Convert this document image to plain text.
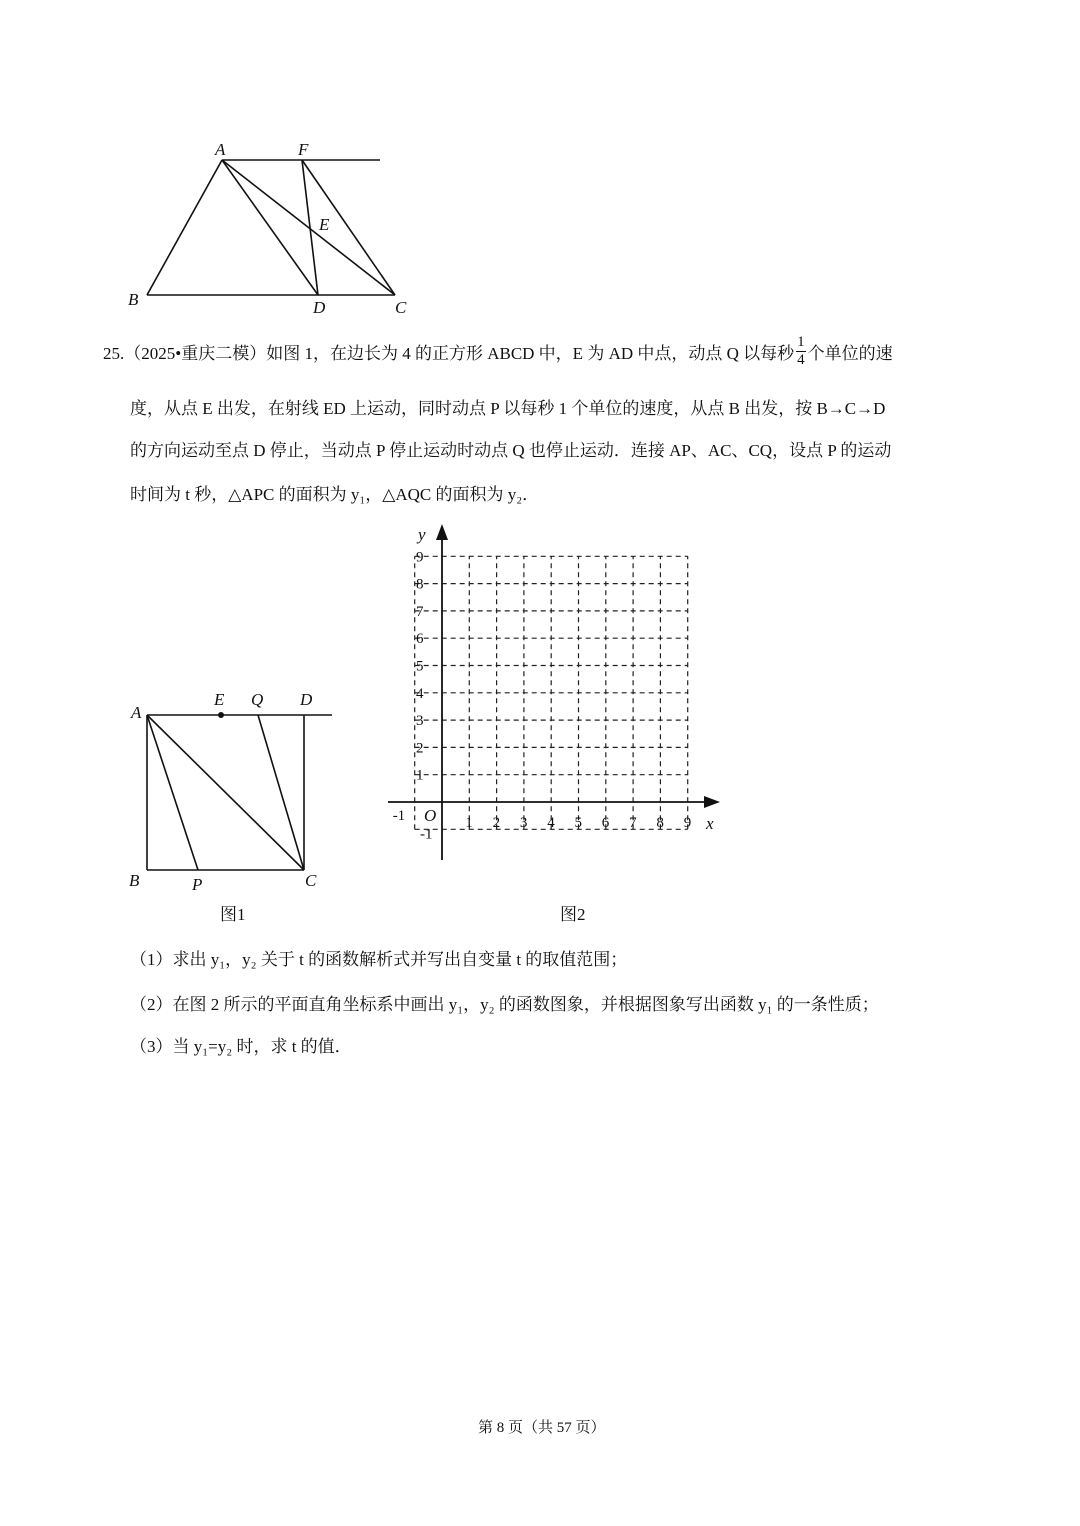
A	F
E
B	D	C
A
E Q D
B	P	C
-1	1 2 3 4 5 6 7 8 9
-1
1
2
3
4
5
6
7
8
9
O	x
y
图1	图2
25.（2025•重庆二模）如图 1，在边长为 4 的正方形 ABCD 中，E 为 AD 中点，动点 Q 以每秒 $\frac{1}{4}$ 个单位的速
度，从点 E 出发，在射线 ED 上运动，同时动点 P 以每秒 1 个单位的速度，从点 B 出发，按 B→C→D
的方向运动至点 D 停止，当动点 P 停止运动时动点 Q 也停止运动．连接 AP、AC、CQ，设点 P 的运动
时间为 t 秒，△APC 的面积为 y₁，△AQC 的面积为 y₂．
（1）求出 y₁，y₂ 关于 t 的函数解析式并写出自变量 t 的取值范围；
（2）在图 2 所示的平面直角坐标系中画出 y₁，y₂ 的函数图象，并根据图象写出函数 y₁ 的一条性质；
（3）当 y₁=y₂ 时，求 t 的值．
第 8 页（共 57 页）
